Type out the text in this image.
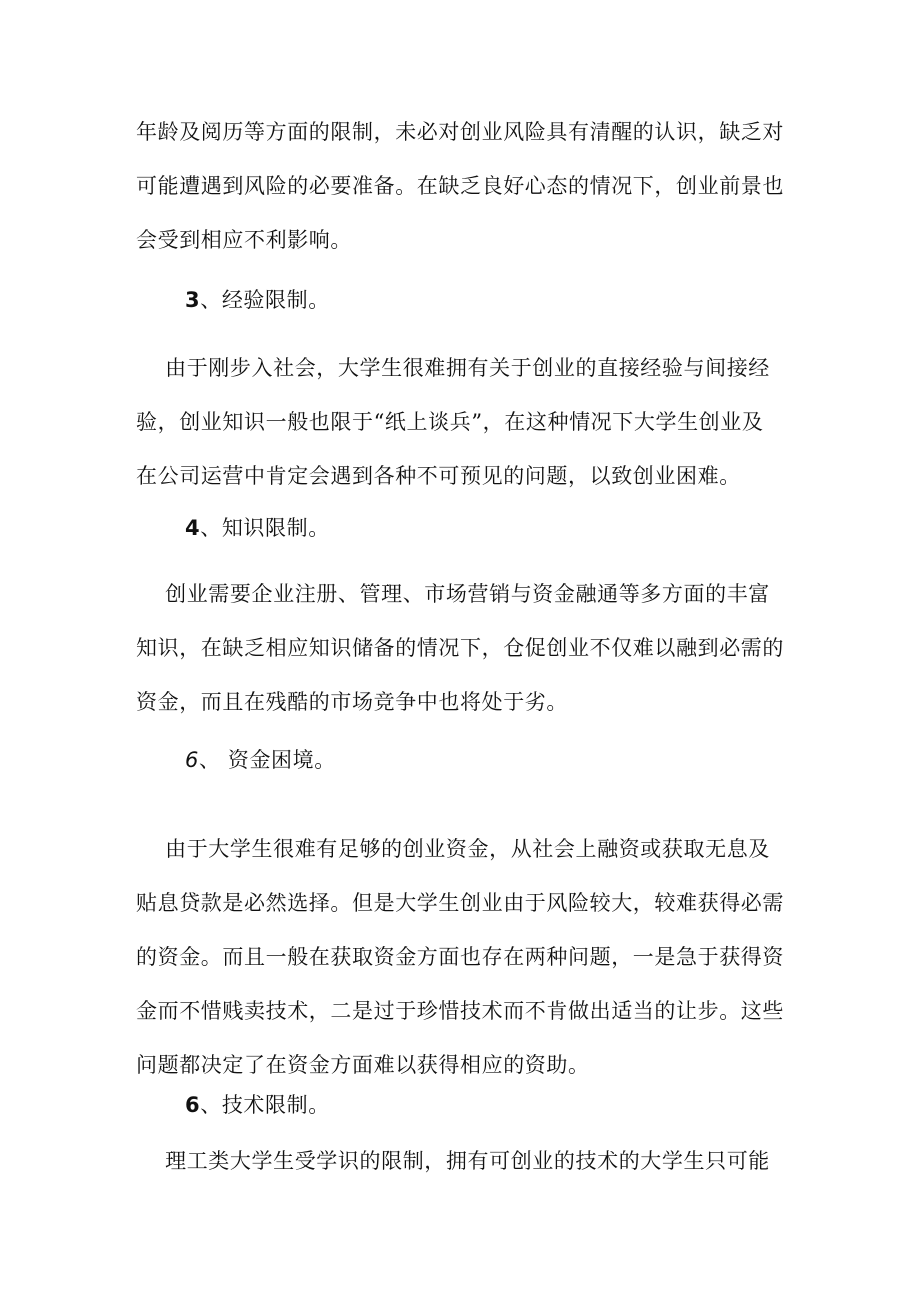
年龄及阅历等方面的限制，未必对创业风险具有清醒的认识，缺乏对
可能遭遇到风险的必要准备。在缺乏良好心态的情况下，创业前景也
会受到相应不利影响。

3、经验限制。

由于刚步入社会，大学生很难拥有关于创业的直接经验与间接经
验，创业知识一般也限于“纸上谈兵”，在这种情况下大学生创业及
在公司运营中肯定会遇到各种不可预见的问题，以致创业困难。

4、知识限制。

创业需要企业注册、管理、市场营销与资金融通等多方面的丰富
知识，在缺乏相应知识储备的情况下，仓促创业不仅难以融到必需的
资金，而且在残酷的市场竞争中也将处于劣。

6、 资金困境。

由于大学生很难有足够的创业资金，从社会上融资或获取无息及
贴息贷款是必然选择。但是大学生创业由于风险较大，较难获得必需
的资金。而且一般在获取资金方面也存在两种问题，一是急于获得资
金而不惜贱卖技术，二是过于珍惜技术而不肯做出适当的让步。这些
问题都决定了在资金方面难以获得相应的资助。

6、技术限制。

理工类大学生受学识的限制，拥有可创业的技术的大学生只可能
